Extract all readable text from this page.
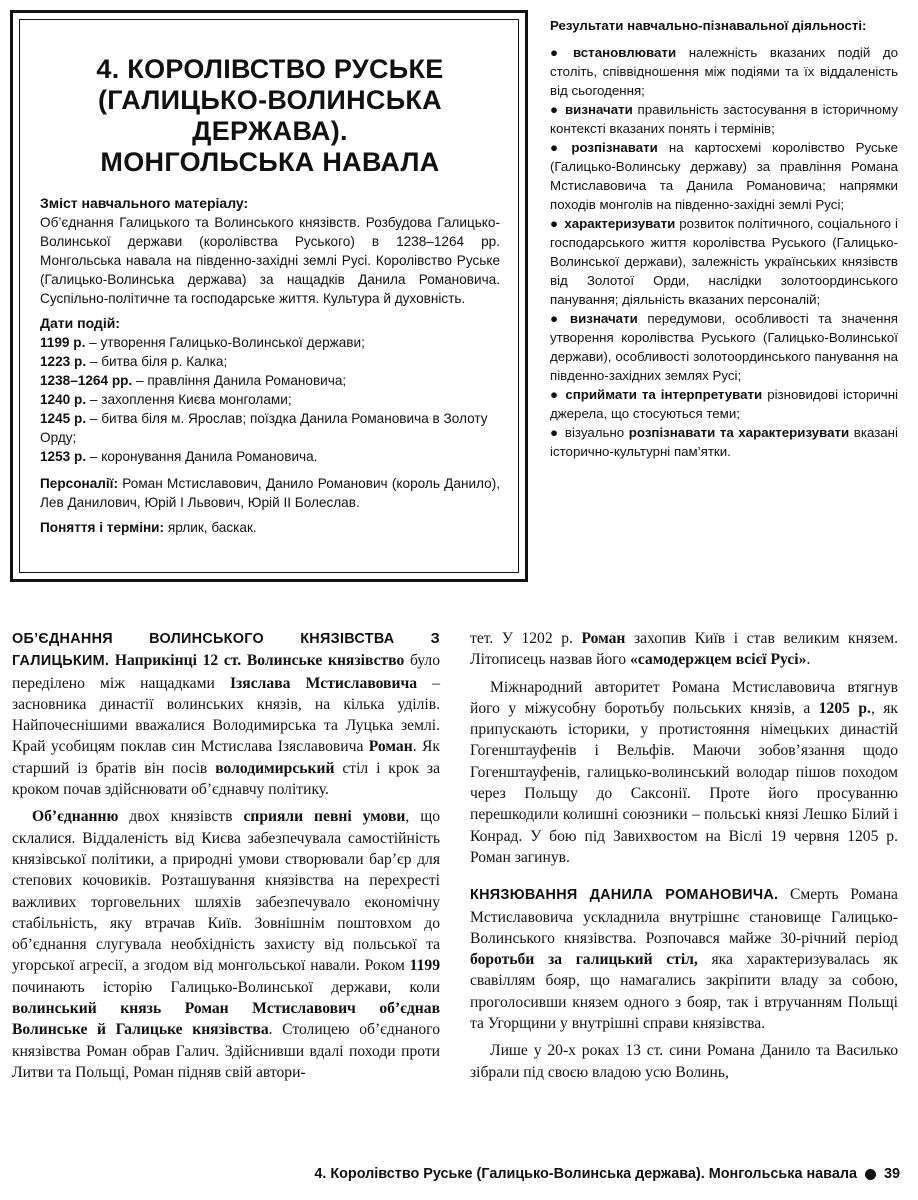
4. КОРОЛІВСТВО РУСЬКЕ
(ГАЛИЦЬКО-ВОЛИНСЬКА ДЕРЖАВА).
МОНГОЛЬСЬКА НАВАЛА

Зміст навчального матеріалу:

Об’єднання Галицького та Волинського князівств. Розбудова Галицько-Волинської держави (королівства Руського) в 1238–1264 рр. Монгольська навала на південно-західні землі Русі. Королівство Руське (Галицько-Волинська держава) за нащадків Данила Романовича. Суспільно-політичне та господарське життя. Культура й духовність.

Дати подій:

1199 р. – утворення Галицько-Волинської держави;
1223 р. – битва біля р. Калка;
1238–1264 рр. – правління Данила Романовича;
1240 р. – захоплення Києва монголами;
1245 р. – битва біля м. Ярослав; поїздка Данила Романовича в Золоту Орду;
1253 р. – коронування Данила Романовича.

Персоналії: Роман Мстиславович, Данило Романович (король Данило), Лев Данилович, Юрій I Львович, Юрій II Болеслав.

Поняття і терміни: ярлик, баскак.

Результати навчально-пізнавальної діяльності:

● встановлювати належність вказаних подій до століть, співвідношення між подіями та їх віддаленість від сьогодення;
● визначати правильність застосування в історичному контексті вказаних понять і термінів;
● розпізнавати на картосхемі королівство Руське (Галицько-Волинську державу) за правління Романа Мстиславовича та Данила Романовича; напрямки походів монголів на південно-західні землі Русі;
● характеризувати розвиток політичного, соціального і господарського життя королівства Руського (Галицько-Волинської держави), залежність українських князівств від Золотої Орди, наслідки золотоординського панування; діяльність вказаних персоналій;
● визначати передумови, особливості та значення утворення королівства Руського (Галицько-Волинської держави), особливості золотоординського панування на південно-західних землях Русі;
● сприймати та інтерпретувати різновидові історичні джерела, що стосуються теми;
● візуально розпізнавати та характеризувати вказані історично-культурні пам’ятки.

ОБ’ЄДНАННЯ ВОЛИНСЬКОГО КНЯЗІВСТВА З ГАЛИЦЬКИМ. Наприкінці 12 ст. Волинське князівство було переділено між нащадками Ізяслава Мстиславовича – засновника династії волинських князів, на кілька уділів. Найпочеснішими вважалися Володимирська та Луцька землі. Край усобицям поклав син Мстислава Ізяславовича Роман. Як старший із братів він посів володимирський стіл і крок за кроком почав здійснювати об’єднавчу політику.

Об’єднанню двох князівств сприяли певні умови, що склалися. Віддаленість від Києва забезпечувала самостійність князівської політики, а природні умови створювали бар’єр для степових кочовиків. Розташування князівства на перехресті важливих торговельних шляхів забезпечувало економічну стабільність, яку втрачав Київ. Зовнішнім поштовхом до об’єднання слугувала необхідність захисту від польської та угорської агресії, а згодом від монгольської навали. Роком 1199 починають історію Галицько-Волинської держави, коли волинський князь Роман Мстиславович об’єднав Волинське й Галицьке князівства. Столицею об’єднаного князівства Роман обрав Галич. Здійснивши вдалі походи проти Литви та Польщі, Роман підняв свій автори-

тет. У 1202 р. Роман захопив Київ і став великим князем. Літописець назвав його «самодержцем всієї Русі».

Міжнародний авторитет Романа Мстиславовича втягнув його у міжусобну боротьбу польських князів, а 1205 р., як припускають історики, у протистояння німецьких династій Гогенштауфенів і Вельфів. Маючи зобов’язання щодо Гогенштауфенів, галицько-волинський володар пішов походом через Польщу до Саксонії. Проте його просуванню перешкодили колишні союзники – польські князі Лешко Білий і Конрад. У бою під Завихвостом на Віслі 19 червня 1205 р. Роман загинув.

КНЯЗЮВАННЯ ДАНИЛА РОМАНОВИЧА. Смерть Романа Мстиславовича ускладнила внутрішнє становище Галицько-Волинського князівства. Розпочався майже 30-річний період боротьби за галицький стіл, яка характеризувалась як свавіллям бояр, що намагались закріпити владу за собою, проголосивши князем одного з бояр, так і втручанням Польщі та Угорщини у внутрішні справи князівства.

Лише у 20-х роках 13 ст. сини Романа Данило та Василько зібрали під своєю владою усю Волинь,

4. Королівство Руське (Галицько-Волинська держава). Монгольська навала 39
